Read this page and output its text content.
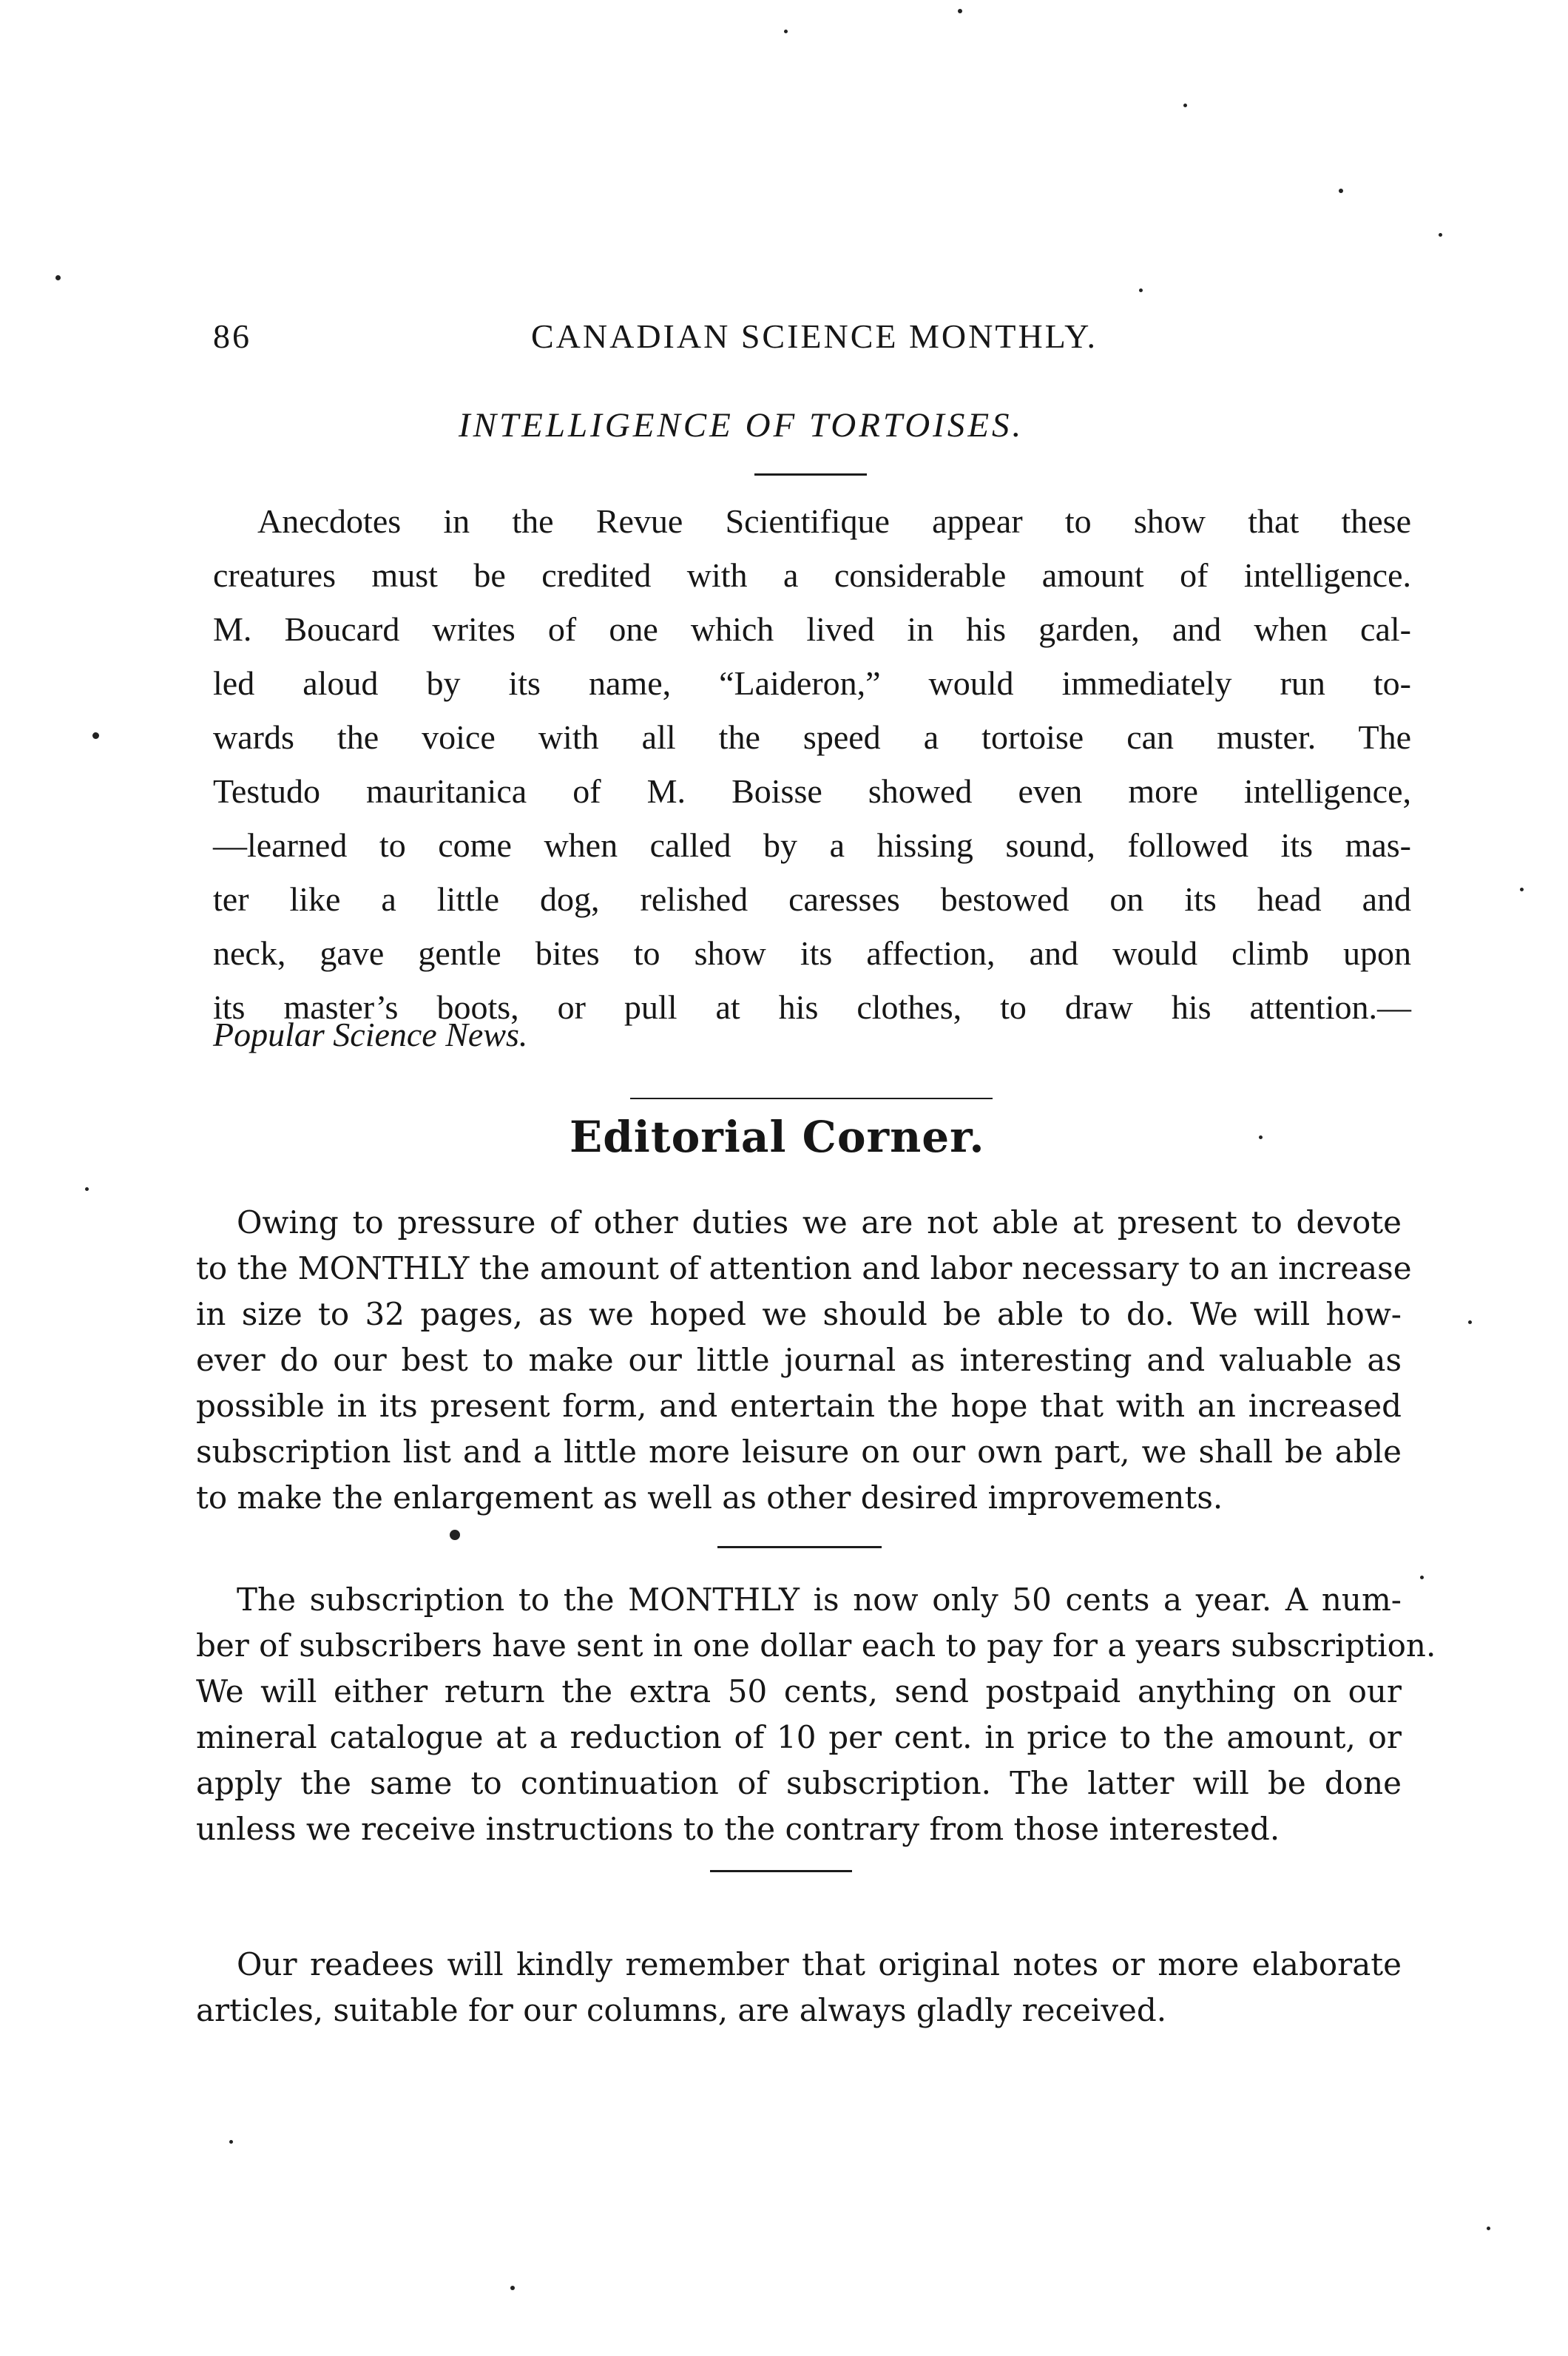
86	CANADIAN SCIENCE MONTHLY.
INTELLIGENCE OF TORTOISES.

Anecdotes in the Revue Scientifique appear to show that these
creatures must be credited with a considerable amount of intelligence.
M. Boucard writes of one which lived in his garden, and when cal-
led aloud by its name, “Laideron,” would immediately run to-
wards the voice with all the speed a tortoise can muster. The
Testudo mauritanica of M. Boisse showed even more intelligence,
—learned to come when called by a hissing sound, followed its mas-
ter like a little dog, relished caresses bestowed on its head and
neck, gave gentle bites to show its affection, and would climb upon
its master’s boots, or pull at his clothes, to draw his attention.—

Popular Science News.
Editorial Corner.

Owing to pressure of other duties we are not able at present to devote
to the MONTHLY the amount of attention and labor necessary to an increase
in size to 32 pages, as we hoped we should be able to do. We will how-
ever do our best to make our little journal as interesting and valuable as
possible in its present form, and entertain the hope that with an increased
subscription list and a little more leisure on our own part, we shall be able
to make the enlargement as well as other desired improvements.

The subscription to the MONTHLY is now only 50 cents a year. A num-
ber of subscribers have sent in one dollar each to pay for a years subscription.
We will either return the extra 50 cents, send postpaid anything on our
mineral catalogue at a reduction of 10 per cent. in price to the amount, or
apply the same to continuation of subscription. The latter will be done
unless we receive instructions to the contrary from those interested.

Our readees will kindly remember that original notes or more elaborate
articles, suitable for our columns, are always gladly received.
